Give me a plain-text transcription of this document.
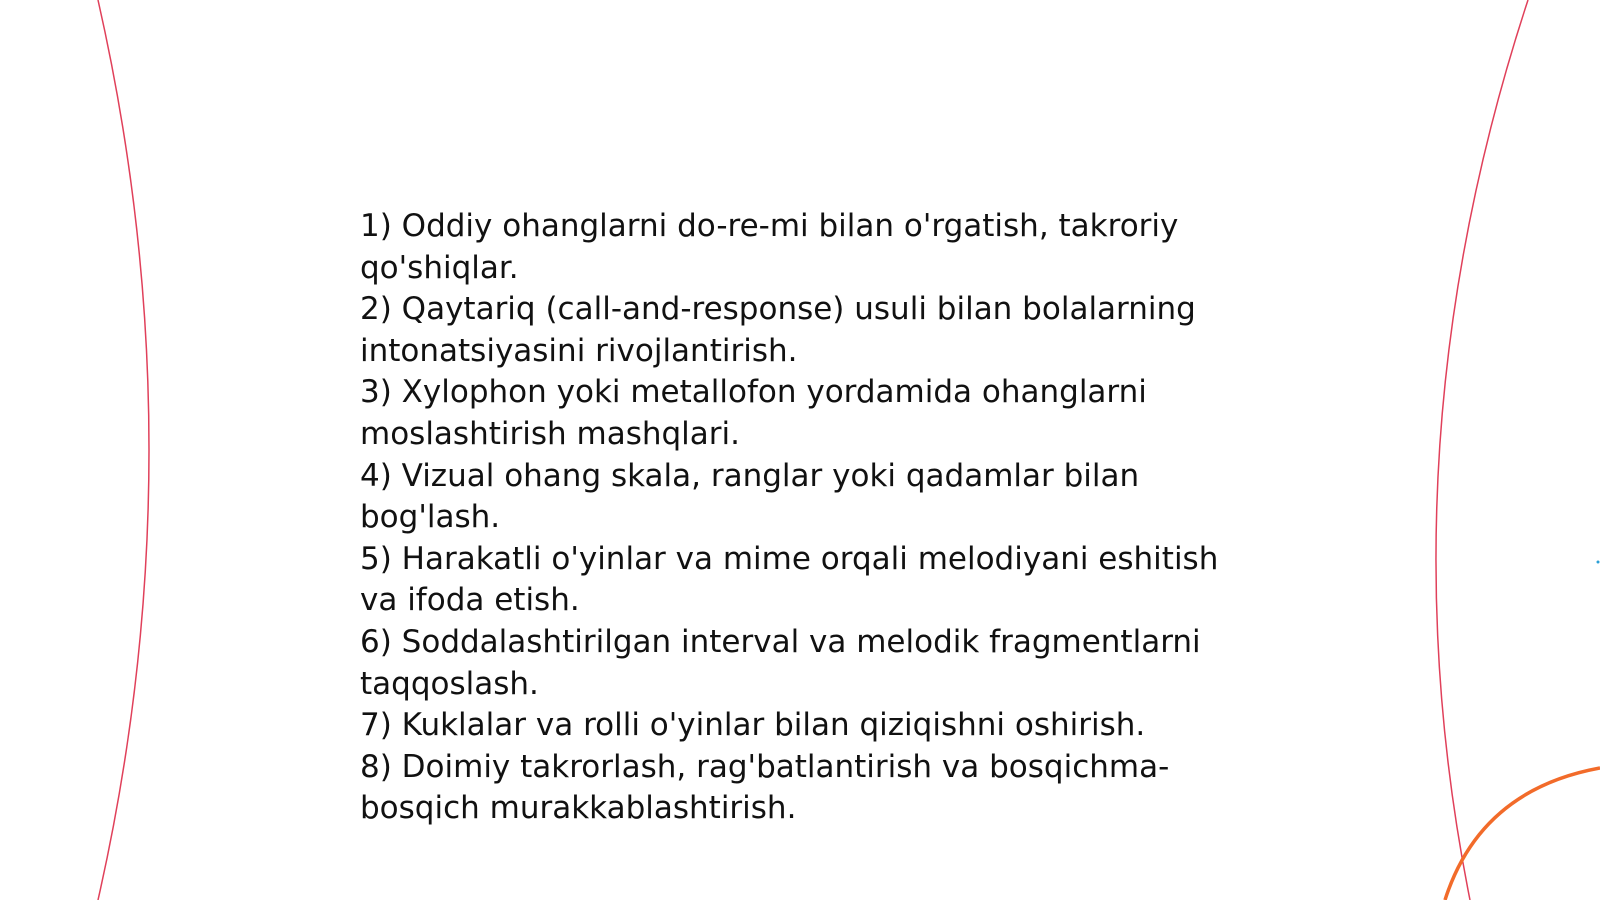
1) Oddiy ohanglarni do-re-mi bilan o'rgatish, takroriy qo'shiqlar.

2) Qaytariq (call-and-response) usuli bilan bolalarning intonatsiyasini rivojlantirish.

3) Xylophon yoki metallofon yordamida ohanglarni moslashtirish mashqlari.

4) Vizual ohang skala, ranglar yoki qadamlar bilan bog'lash.

5) Harakatli o'yinlar va mime orqali melodiyani eshitish va ifoda etish.

6) Soddalashtirilgan interval va melodik fragmentlarni taqqoslash.

7) Kuklalar va rolli o'yinlar bilan qiziqishni oshirish.

8) Doimiy takrorlash, rag'batlantirish va bosqichma-bosqich murakkablashtirish.
